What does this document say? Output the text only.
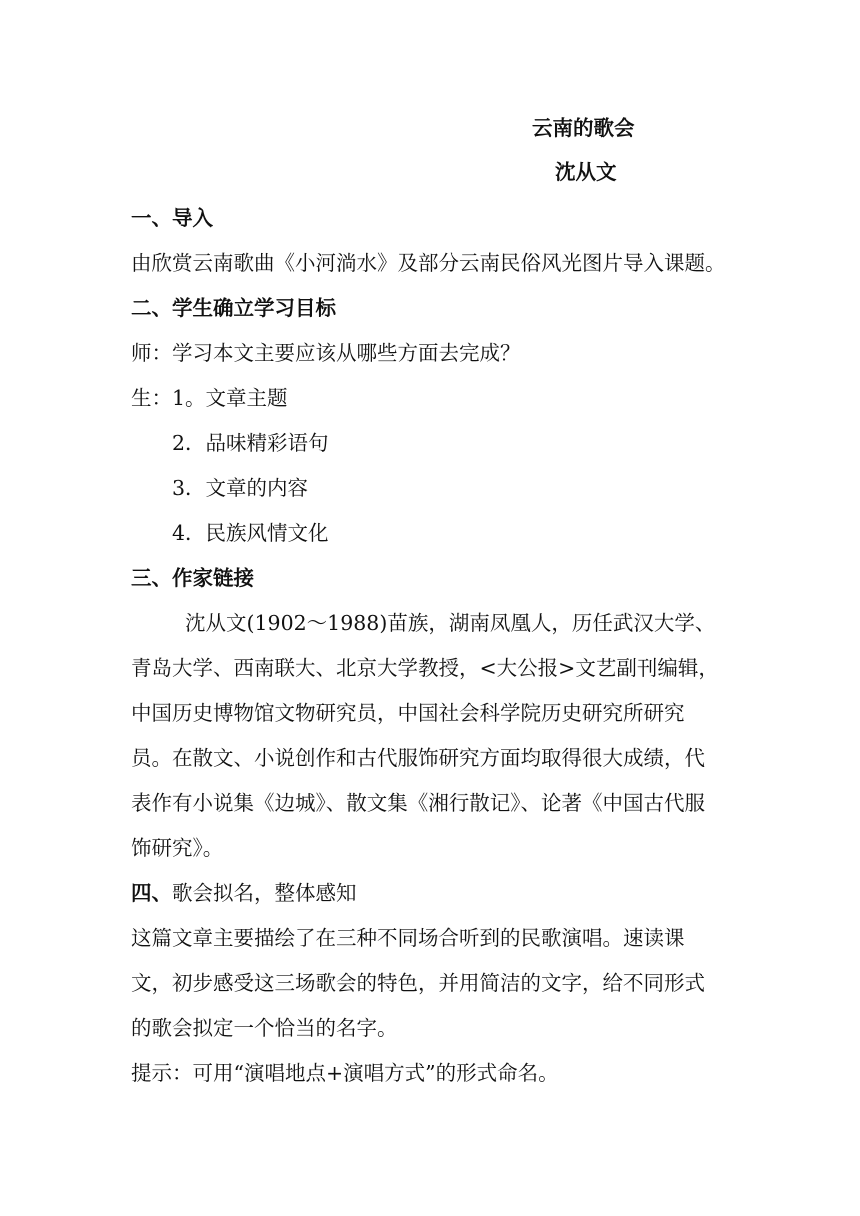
云南的歌会
沈从文
一、导入
由欣赏云南歌曲《小河淌水》及部分云南民俗风光图片导入课题。
二、学生确立学习目标
师：学习本文主要应该从哪些方面去完成？
生：1。文章主题
2．品味精彩语句
3．文章的内容
4．民族风情文化
三、作家链接
沈从文(1902～1988)苗族，湖南凤凰人，历任武汉大学、
青岛大学、西南联大、北京大学教授，<大公报>文艺副刊编辑，
中国历史博物馆文物研究员，中国社会科学院历史研究所研究
员。在散文、小说创作和古代服饰研究方面均取得很大成绩，代
表作有小说集《边城》、散文集《湘行散记》、论著《中国古代服
饰研究》。
四、歌会拟名，整体感知
这篇文章主要描绘了在三种不同场合听到的民歌演唱。速读课
文，初步感受这三场歌会的特色，并用简洁的文字，给不同形式
的歌会拟定一个恰当的名字。
提示：可用“演唱地点+演唱方式”的形式命名。
